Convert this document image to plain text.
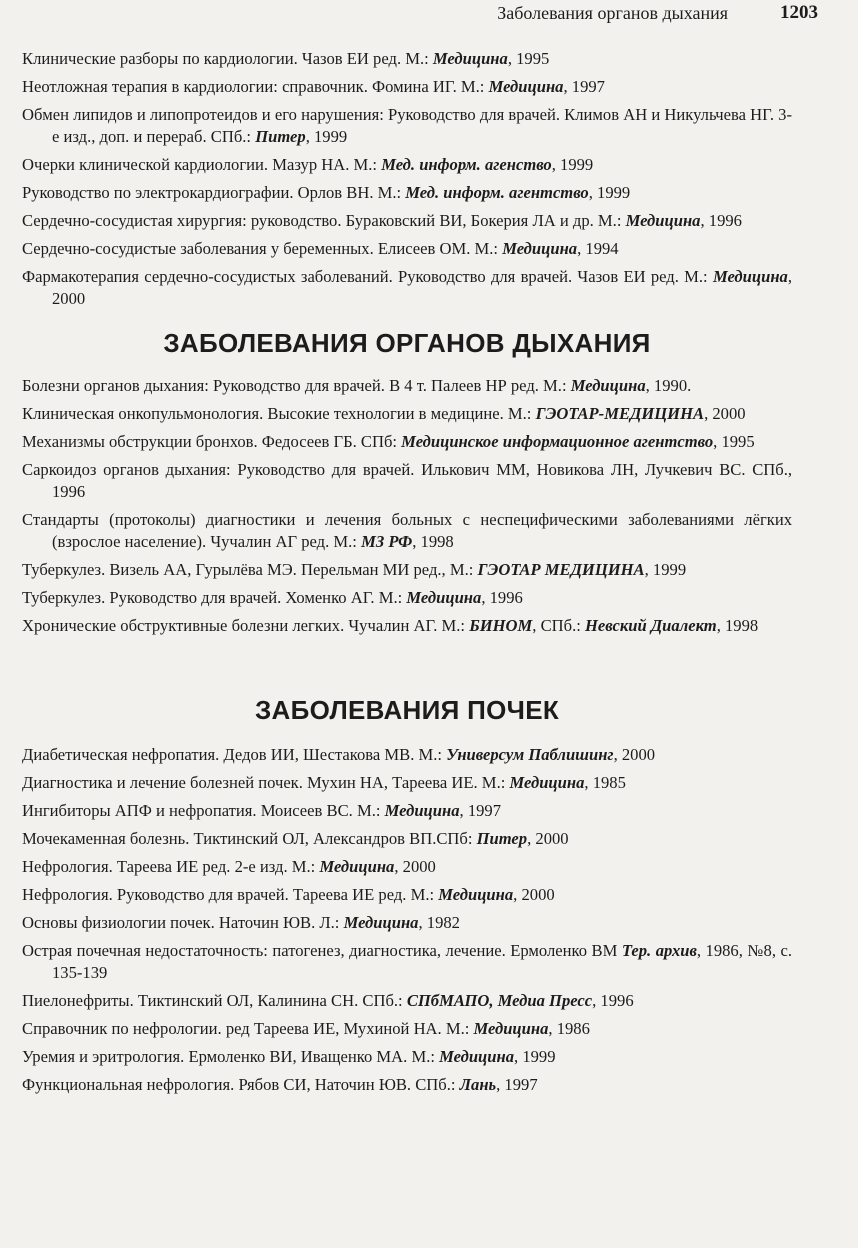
Заболевания органов дыхания	1203

Клинические разборы по кардиологии. Чазов ЕИ ред. М.: Медицина, 1995

Неотложная терапия в кардиологии: справочник. Фомина ИГ. М.: Медицина, 1997

Обмен липидов и липопротеидов и его нарушения: Руководство для врачей. Климов АН и Никульчева НГ. 3-е изд., доп. и перераб. СПб.: Питер, 1999

Очерки клинической кардиологии. Мазур НА. М.: Мед. информ. агенство, 1999

Руководство по электрокардиографии. Орлов ВН. М.: Мед. информ. агентство, 1999

Сердечно-сосудистая хирургия: руководство. Бураковский ВИ, Бокерия ЛА и др. М.: Медицина, 1996

Сердечно-сосудистые заболевания у беременных. Елисеев ОМ. М.: Медицина, 1994

Фармакотерапия сердечно-сосудистых заболеваний. Руководство для врачей. Чазов ЕИ ред. М.: Медицина, 2000

ЗАБОЛЕВАНИЯ ОРГАНОВ ДЫХАНИЯ

Болезни органов дыхания: Руководство для врачей. В 4 т. Палеев НР ред. М.: Медицина, 1990.

Клиническая онкопульмонология. Высокие технологии в медицине. М.: ГЭОТАР-МЕДИЦИНА, 2000

Механизмы обструкции бронхов. Федосеев ГБ. СПб: Медицинское информационное агентство, 1995

Саркоидоз органов дыхания: Руководство для врачей. Илькович ММ, Новикова ЛН, Лучкевич ВС. СПб., 1996

Стандарты (протоколы) диагностики и лечения больных с неспецифическими заболеваниями лёгких (взрослое население). Чучалин АГ ред. М.: МЗ РФ, 1998

Туберкулез. Визель АА, Гурылёва МЭ. Перельман МИ ред., М.: ГЭОТАР МЕДИЦИНА, 1999

Туберкулез. Руководство для врачей. Хоменко АГ. М.: Медицина, 1996

Хронические обструктивные болезни легких. Чучалин АГ. М.: БИНОМ, СПб.: Невский Диалект, 1998

ЗАБОЛЕВАНИЯ ПОЧЕК

Диабетическая нефропатия. Дедов ИИ, Шестакова МВ. М.: Универсум Паблишинг, 2000

Диагностика и лечение болезней почек. Мухин НА, Тареева ИЕ. М.: Медицина, 1985

Ингибиторы АПФ и нефропатия. Моисеев ВС. М.: Медицина, 1997

Мочекаменная болезнь. Тиктинский ОЛ, Александров ВП.СПб: Питер, 2000

Нефрология. Тареева ИЕ ред. 2-е изд. М.: Медицина, 2000

Нефрология. Руководство для врачей. Тареева ИЕ ред. М.: Медицина, 2000

Основы физиологии почек. Наточин ЮВ. Л.: Медицина, 1982

Острая почечная недостаточность: патогенез, диагностика, лечение. Ермоленко ВМ Тер. архив, 1986, №8, с. 135-139

Пиелонефриты. Тиктинский ОЛ, Калинина СН. СПб.: СПбМАПО, Медиа Пресс, 1996

Справочник по нефрологии. ред Тареева ИЕ, Мухиной НА. М.: Медицина, 1986

Уремия и эритрология. Ермоленко ВИ, Иващенко МА. М.: Медицина, 1999

Функциональная нефрология. Рябов СИ, Наточин ЮВ. СПб.: Лань, 1997
